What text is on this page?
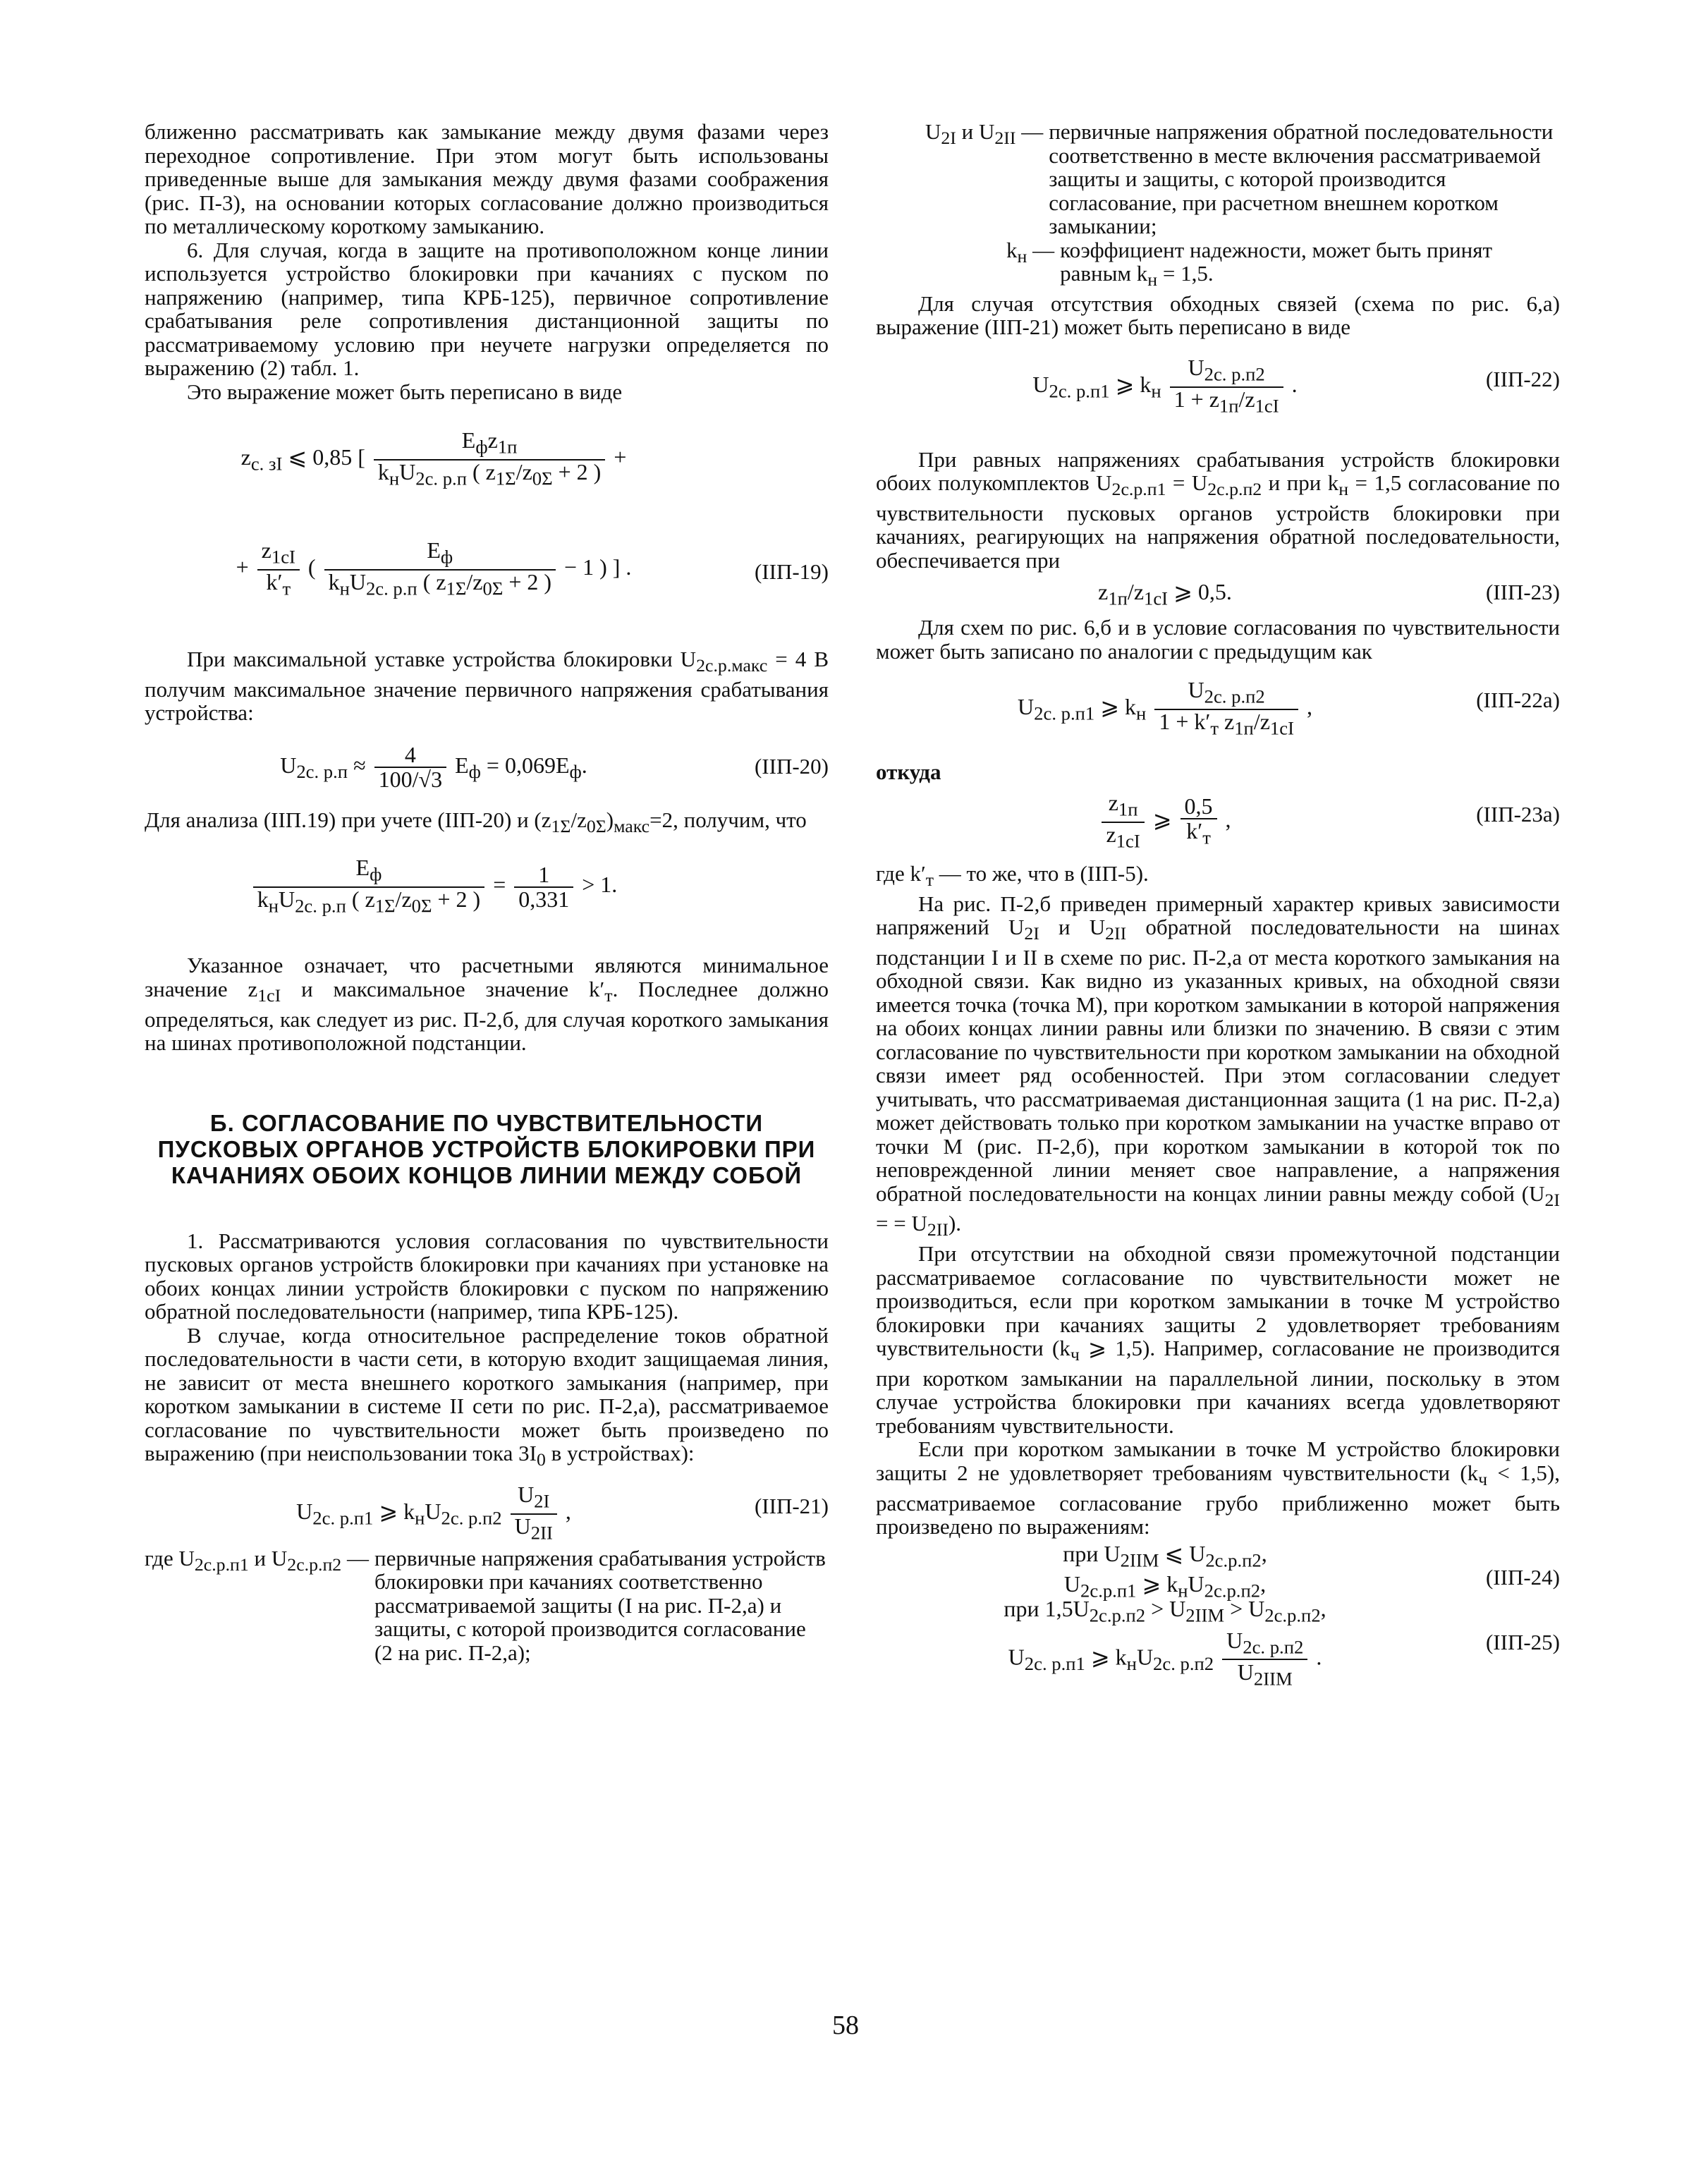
ближенно рассматривать как замыкание между двумя фазами через переходное сопротивление. При этом могут быть использованы приведенные выше для замыкания между двумя фазами соображения (рис. П-3), на основании которых согласование должно производиться по металлическому короткому замыканию.

6. Для случая, когда в защите на противоположном конце линии используется устройство блокировки при качаниях с пуском по напряжению (например, типа КРБ-125), первичное сопротивление срабатывания реле сопротивления дистанционной защиты по рассматриваемому условию при неучете нагрузки определяется по выражению (2) табл. 1.

Это выражение может быть переписано в виде

$z_{с. зI}$ ⩽ 0,85 [ $\frac{E_фz_{1п}}{k_нU_{2с. р.п} ( z_{1\Sigma}/z_{0\Sigma} + 2 )}$ +
+ $\frac{z_{1cI}}{k'_т}$ ( $\frac{E_ф}{k_нU_{2с. р.п} ( z_{1\Sigma}/z_{0\Sigma} + 2 )} - 1$ ) ] .	(IIП-19)

При максимальной уставке устройства блокировки $U_{2с.р.макс} = 4$ В получим максимальное значение первичного напряжения срабатывания устройства:

$U_{2с. р.п} \approx \frac{4}{100/√3} E_ф = 0,069E_ф$.	(IIП-20)

Для анализа (IIП.19) при учете (IIП-20) и $(z_{1\Sigma}/z_{0\Sigma})_{макс}=2$, получим, что

$\frac{E_ф}{k_нU_{2с. р.п} ( z_{1\Sigma}/z_{0\Sigma} + 2 )} = \frac{1}{0,331} > 1$.

Указанное означает, что расчетными являются минимальное значение $z_{1cI}$ и максимальное значение $k'_т$. Последнее должно определяться, как следует из рис. П-2,б, для случая короткого замыкания на шинах противоположной подстанции.

Б. СОГЛАСОВАНИЕ ПО ЧУВСТВИТЕЛЬНОСТИ ПУСКОВЫХ ОРГАНОВ УСТРОЙСТВ БЛОКИРОВКИ ПРИ КАЧАНИЯХ ОБОИХ КОНЦОВ ЛИНИИ МЕЖДУ СОБОЙ

1. Рассматриваются условия согласования по чувствительности пусковых органов устройств блокировки при качаниях при установке на обоих концах линии устройств блокировки с пуском по напряжению обратной последовательности (например, типа КРБ-125).

В случае, когда относительное распределение токов обратной последовательности в части сети, в которую входит защищаемая линия, не зависит от места внешнего короткого замыкания (например, при коротком замыкании в системе II сети по рис. П-2,а), рассматриваемое согласование по чувствительности может быть произведено по выражению (при неиспользовании тока $3I_0$ в устройствах):

$U_{2с. р.п1}$ ⩾ $k_нU_{2с. р.п2} \frac{U_{2I}}{U_{2II}}$ ,	(IIП-21)
где $U_{2с.р.п1}$ и $U_{2с.р.п2}$ — первичные напряжения срабатывания устройств блокировки при качаниях соответственно рассматриваемой защиты (I на рис. П-2,а) и защиты, с которой производится согласование (2 на рис. П-2,а);
$U_{2I}$ и $U_{2II}$ — первичные напряжения обратной последовательности соответственно в месте включения рассматриваемой защиты и защиты, с которой производится согласование, при расчетном внешнем коротком замыкании;
$k_н$ — коэффициент надежности, может быть принят равным $k_н = 1,5$.

Для случая отсутствия обходных связей (схема по рис. 6,а) выражение (IIП-21) может быть переписано в виде

$U_{2с. р.п1}$ ⩾ $k_н \frac{U_{2с. р.п2}}{1 + z_{1п}/z_{1cI}}$ .	(IIП-22)

При равных напряжениях срабатывания устройств блокировки обоих полукомплектов $U_{2с.р.п1} = U_{2с.р.п2}$ и при $k_н = 1,5$ согласование по чувствительности пусковых органов устройств блокировки при качаниях, реагирующих на напряжения обратной последовательности, обеспечивается при

$z_{1п}/z_{1cI}$ ⩾ 0,5.	(IIП-23)

Для схем по рис. 6,б и в условие согласования по чувствительности может быть записано по аналогии с предыдущим как

$U_{2с. р.п1}$ ⩾ $k_н \frac{U_{2с. р.п2}}{1 + k'_т z_{1п}/z_{1cI}}$ ,	(IIП-22а)

откуда

$\frac{z_{1п}}{z_{1cI}}$ ⩾ $\frac{0,5}{k'_т}$ ,	(IIП-23а)

где $k'_т$ — то же, что в (IIП-5).

На рис. П-2,б приведен примерный характер кривых зависимости напряжений $U_{2I}$ и $U_{2II}$ обратной последовательности на шинах подстанции I и II в схеме по рис. П-2,а от места короткого замыкания на обходной связи. Как видно из указанных кривых, на обходной связи имеется точка (точка М), при коротком замыкании в которой напряжения на обоих концах линии равны или близки по значению. В связи с этим согласование по чувствительности при коротком замыкании на обходной связи имеет ряд особенностей. При этом согласовании следует учитывать, что рассматриваемая дистанционная защита (1 на рис. П-2,а) может действовать только при коротком замыкании на участке вправо от точки М (рис. П-2,б), при коротком замыкании в которой ток по неповрежденной линии меняет свое направление, а напряжения обратной последовательности на концах линии равны между собой ($U_{2I}$ = = $U_{2II}$).

При отсутствии на обходной связи промежуточной подстанции рассматриваемое согласование по чувствительности может не производиться, если при коротком замыкании в точке М устройство блокировки при качаниях защиты 2 удовлетворяет требованиям чувствительности ($k_ч$ ⩾ 1,5). Например, согласование не производится при коротком замыкании на параллельной линии, поскольку в этом случае устройства блокировки при качаниях всегда удовлетворяют требованиям чувствительности.

Если при коротком замыкании в точке М устройство блокировки защиты 2 не удовлетворяет требованиям чувствительности $(k_ч < 1,5)$, рассматриваемое согласование грубо приближенно может быть произведено по выражениям:

при $U_{2IIМ}$ ⩽ $U_{2с.р.п2}$,
$U_{2с.р.п1}$ ⩾ $k_нU_{2с.р.п2}$,	(IIП-24)
при $1,5U_{2с.р.п2} > U_{2IIМ} > U_{2с.р.п2}$,
$U_{2с. р.п1}$ ⩾ $k_нU_{2с. р.п2} \frac{U_{2с. р.п2}}{U_{2IIМ}}$ .
(IIП-25)
58
